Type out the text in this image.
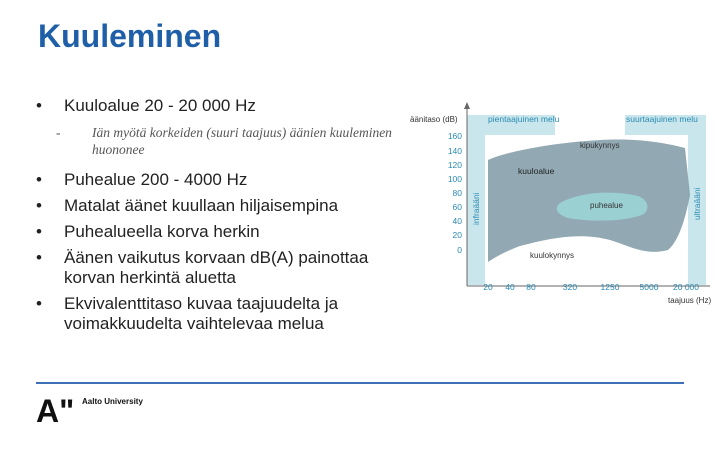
Kuuleminen
•	Kuuloalue 20 - 20 000 Hz
- Iän myötä korkeiden (suuri taajuus) äänien kuuleminen huononee
•	Puhealue 200 - 4000 Hz
•	Matalat äänet kuullaan hiljaisempina
•	Puhealueella korva herkin
•	Äänen vaikutus korvaan dB(A) painottaa korvan herkintä aluetta
•	Ekvivalenttitaso kuvaa taajuudelta ja voimakkuudelta vaihtelevaa melua
äänitaso (dB)
taajuus (Hz)
160
140
120
100
80
60
40
20
0
20 40 80	320	1250 5000 20 000
pientaajuinen melu	suurtaajuinen melu
kipukynnys
kuuloalue
puhealue
kuulokynnys
infraääni	ultraääni
A" Aalto University
